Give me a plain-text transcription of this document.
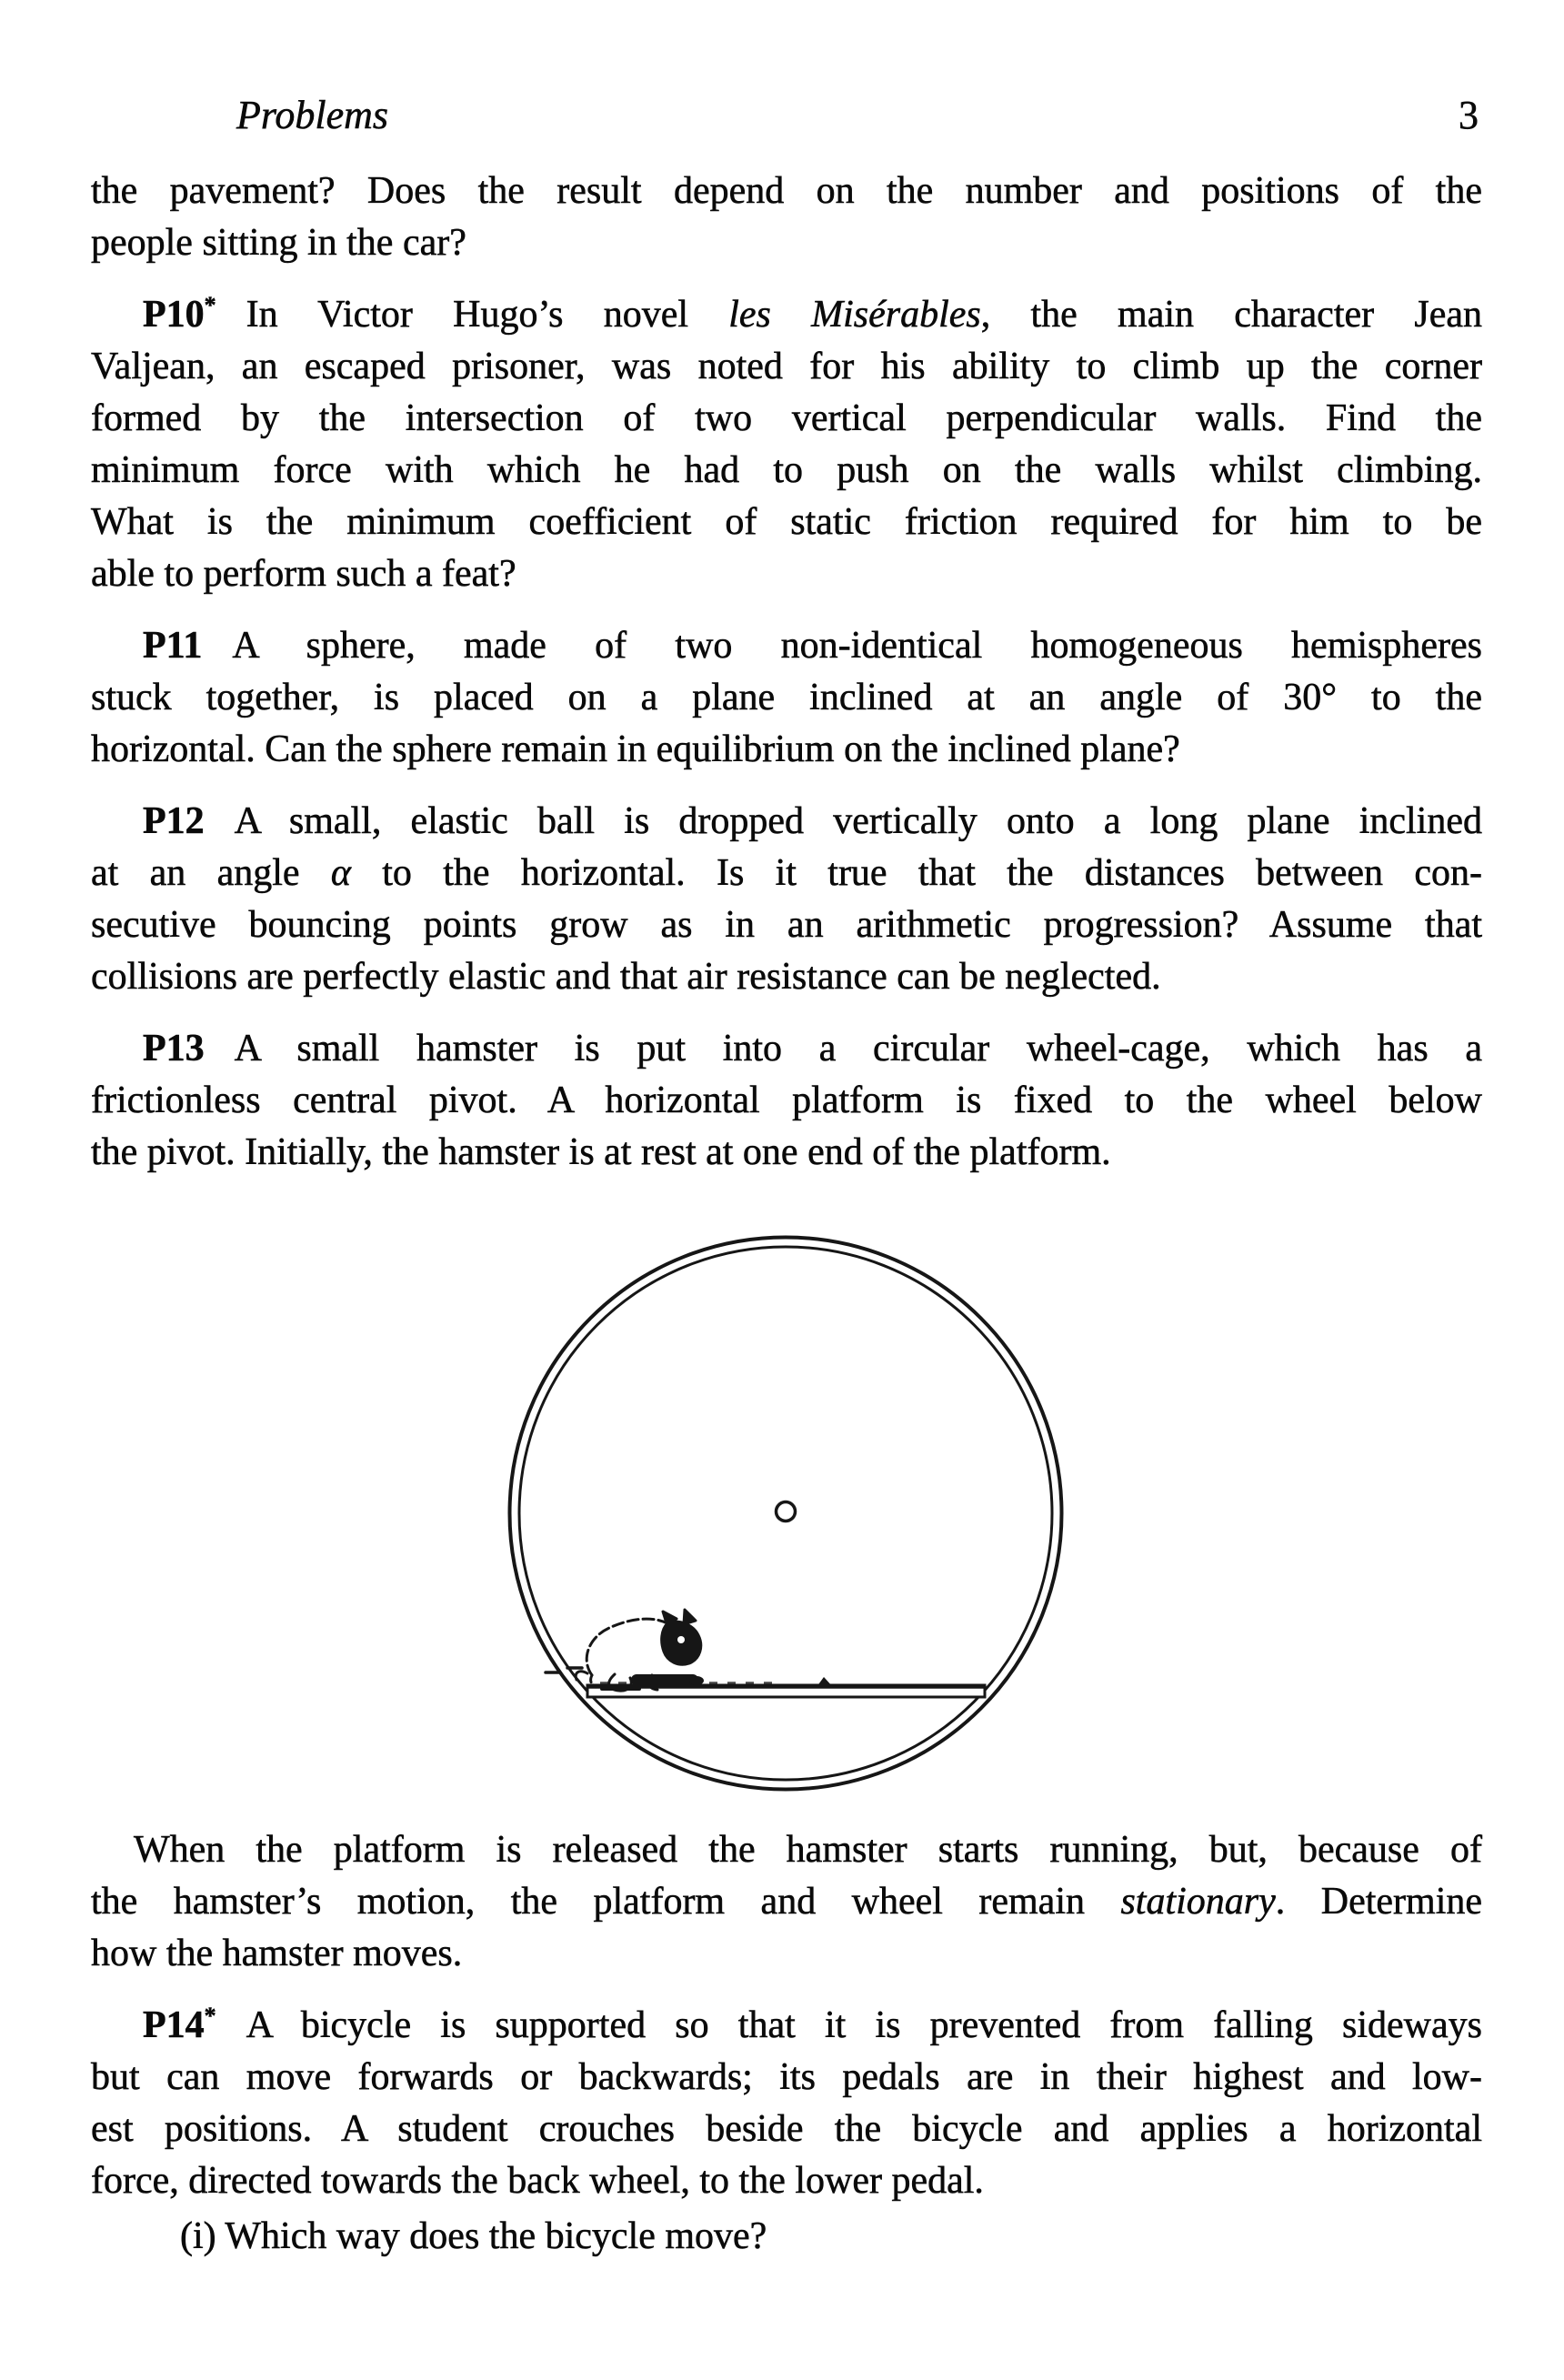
Problems	3
the pavement? Does the result depend on the number and positions of the
people sitting in the car?
P10* In Victor Hugo’s novel les Misérables, the main character Jean
Valjean, an escaped prisoner, was noted for his ability to climb up the corner
formed by the intersection of two vertical perpendicular walls. Find the
minimum force with which he had to push on the walls whilst climbing.
What is the minimum coefficient of static friction required for him to be
able to perform such a feat?
P11 A sphere, made of two non-identical homogeneous hemispheres
stuck together, is placed on a plane inclined at an angle of 30° to the
horizontal. Can the sphere remain in equilibrium on the inclined plane?
P12 A small, elastic ball is dropped vertically onto a long plane inclined
at an angle α to the horizontal. Is it true that the distances between con-
secutive bouncing points grow as in an arithmetic progression? Assume that
collisions are perfectly elastic and that air resistance can be neglected.
P13 A small hamster is put into a circular wheel-cage, which has a
frictionless central pivot. A horizontal platform is fixed to the wheel below
the pivot. Initially, the hamster is at rest at one end of the platform.
When the platform is released the hamster starts running, but, because of
the hamster’s motion, the platform and wheel remain stationary. Determine
how the hamster moves.
P14* A bicycle is supported so that it is prevented from falling sideways
but can move forwards or backwards; its pedals are in their highest and low-
est positions. A student crouches beside the bicycle and applies a horizontal
force, directed towards the back wheel, to the lower pedal.
(i) Which way does the bicycle move?
